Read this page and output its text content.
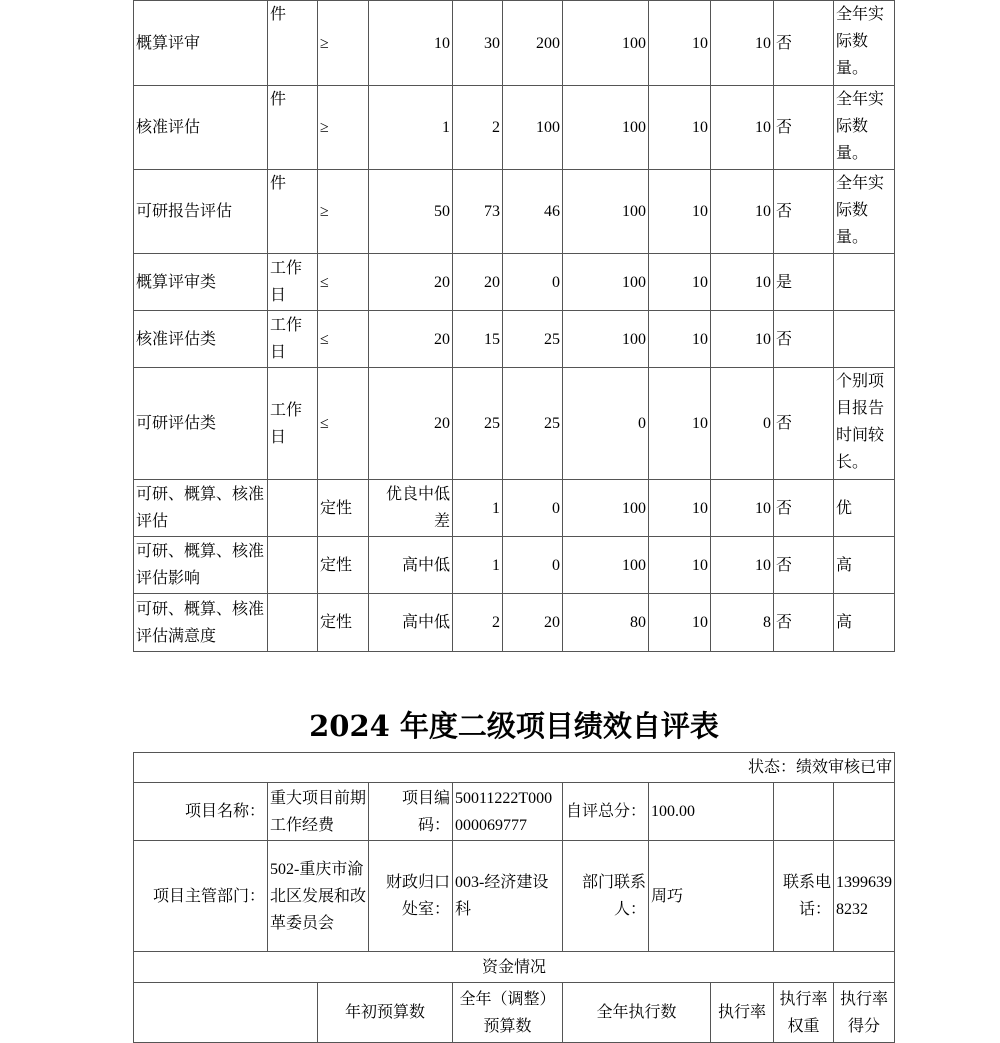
概算评审	件	≥	10	30	200	100	10	10	否	全年实际数量。
核准评估	件	≥	1	2	100	100	10	10	否	全年实际数量。
可研报告评估	件	≥	50	73	46	100	10	10	否	全年实际数量。
概算评审类	工作日	≤	20	20	0	100	10	10	是	
核准评估类	工作日	≤	20	15	25	100	10	10	否	
可研评估类	工作日	≤	20	25	25	0	10	0	否	个别项目报告时间较长。
可研、概算、核准评估		定性	优良中低差	1	0	100	10	10	否	优
可研、概算、核准评估影响		定性	高中低	1	0	100	10	10	否	高
可研、概算、核准评估满意度		定性	高中低	2	20	80	10	8	否	高
2024 年度二级项目绩效自评表
状态：绩效审核已审									
项目名称：	重大项目前期工作经费		项目编码：	50011222T000000069777	自评总分：	100.00			
项目主管部门：	502-重庆市渝北区发展和改革委员会		财政归口处室：	003-经济建设科	部门联系人：	周巧		联系电话：	13996398232
资金情况									
		年初预算数		全年（调整）预算数	全年执行数		执行率	执行率权重	执行率得分
